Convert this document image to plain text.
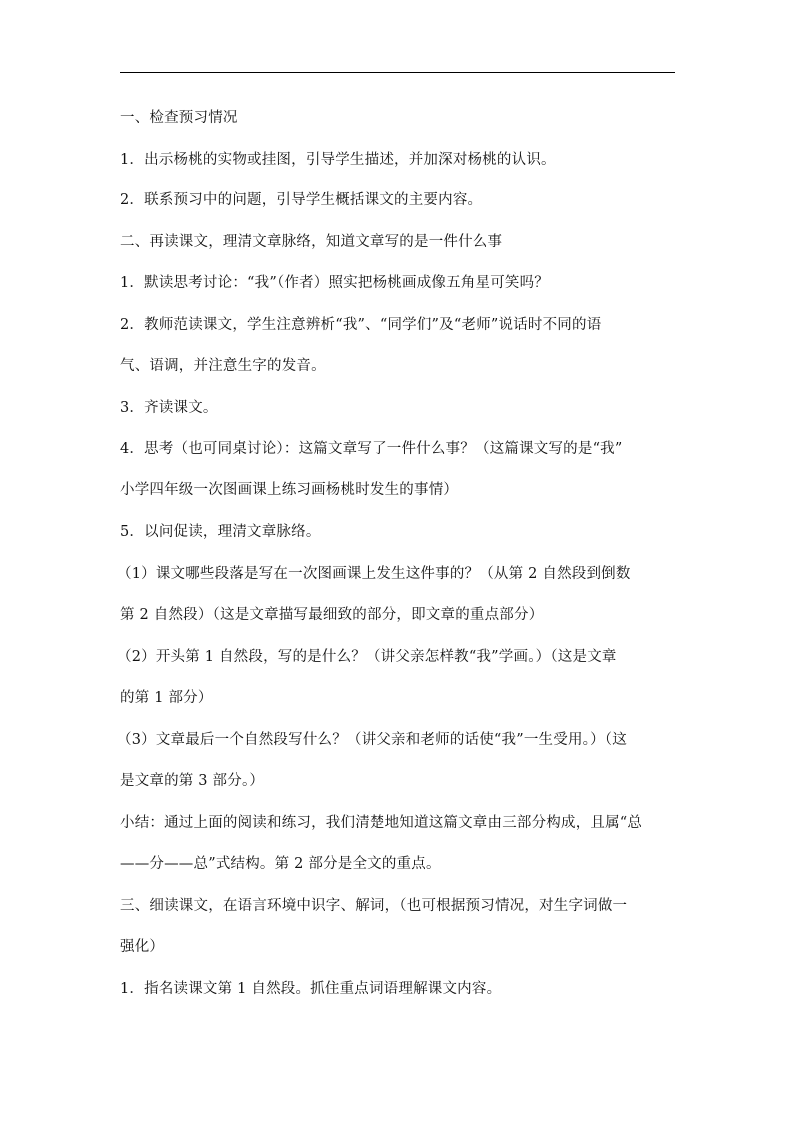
一、检查预习情况
1．出示杨桃的实物或挂图，引导学生描述，并加深对杨桃的认识。
2．联系预习中的问题，引导学生概括课文的主要内容。
二、再读课文，理清文章脉络，知道文章写的是一件什么事
1．默读思考讨论：“我”（作者）照实把杨桃画成像五角星可笑吗？
2．教师范读课文，学生注意辨析“我”、“同学们”及“老师”说话时不同的语
气、语调，并注意生字的发音。
3．齐读课文。
4．思考（也可同桌讨论）：这篇文章写了一件什么事？（这篇课文写的是“我”
小学四年级一次图画课上练习画杨桃时发生的事情）
5．以问促读，理清文章脉络。
（1）课文哪些段落是写在一次图画课上发生这件事的？（从第 2 自然段到倒数
第 2 自然段）（这是文章描写最细致的部分，即文章的重点部分）
（2）开头第 1 自然段，写的是什么？（讲父亲怎样教“我”学画。）（这是文章
的第 1 部分）
（3）文章最后一个自然段写什么？（讲父亲和老师的话使“我”一生受用。）（这
是文章的第 3 部分。）
小结：通过上面的阅读和练习，我们清楚地知道这篇文章由三部分构成，且属“总
——分——总”式结构。第 2 部分是全文的重点。
三、细读课文，在语言环境中识字、解词，（也可根据预习情况，对生字词做一
强化）
1．指名读课文第 1 自然段。抓住重点词语理解课文内容。
